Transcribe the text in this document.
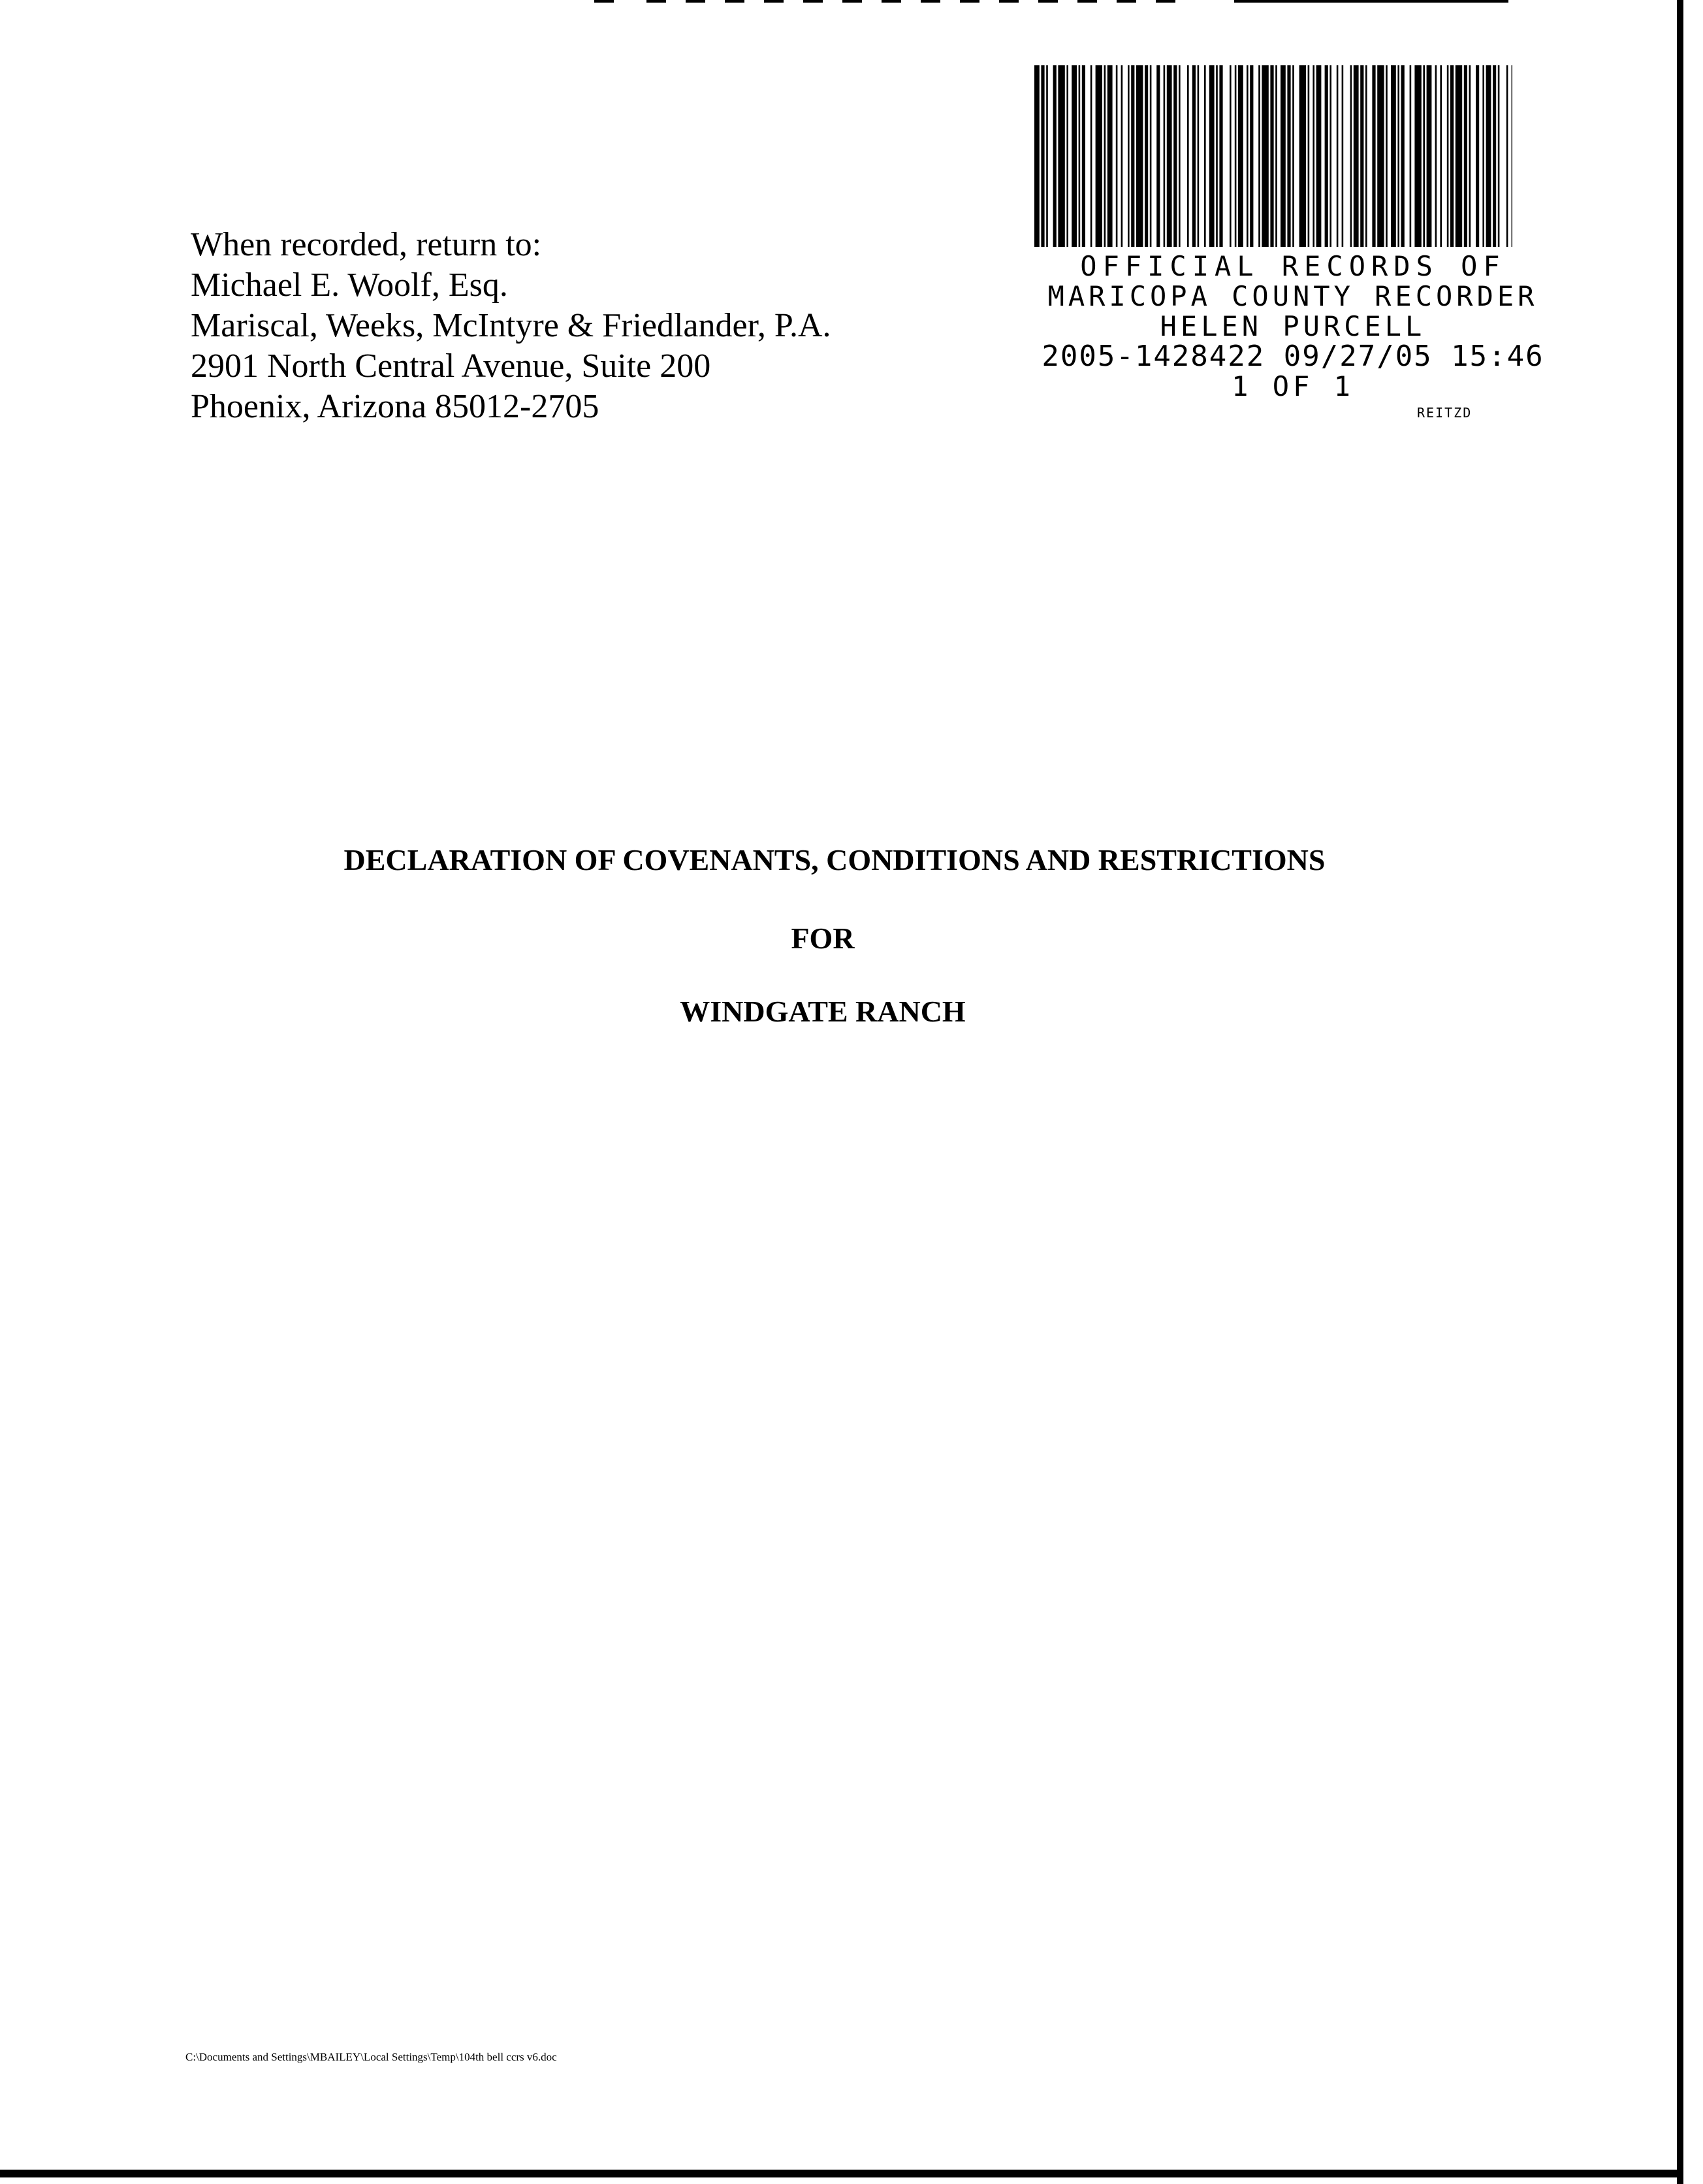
When recorded, return to:
Michael E. Woolf, Esq.
Mariscal, Weeks, McIntyre & Friedlander, P.A.
2901 North Central Avenue, Suite 200
Phoenix, Arizona 85012-2705
OFFICIAL RECORDS OF
MARICOPA COUNTY RECORDER
HELEN PURCELL
2005-1428422 09/27/05 15:46
1 OF 1
REITZD
DECLARATION OF COVENANTS, CONDITIONS AND RESTRICTIONS
FOR
WINDGATE RANCH
C:\Documents and Settings\MBAILEY\Local Settings\Temp\104th bell ccrs v6.doc
